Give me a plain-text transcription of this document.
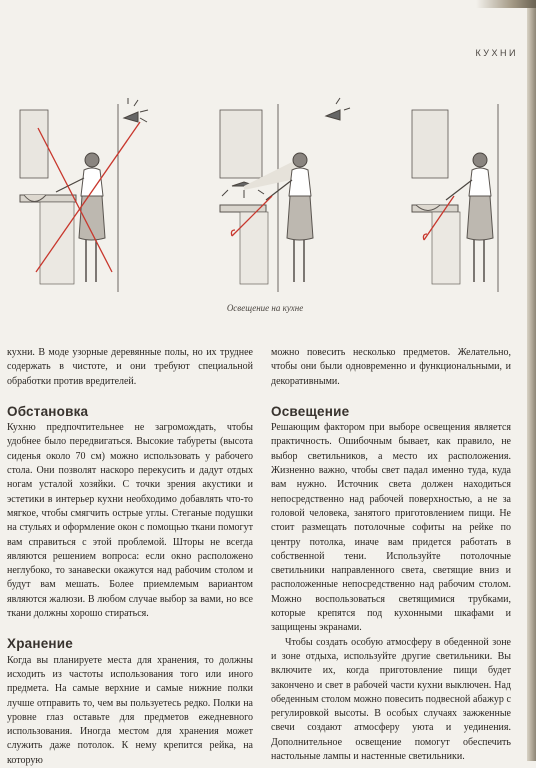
КУХНИ
Освещение на кухне

кухни. В моде узорные деревянные полы, но их труднее содержать в чистоте, и они требуют специальной обработки против вредителей.

Обстановка

Кухню предпочтительнее не загромождать, чтобы удобнее было передвигаться. Высокие табуреты (высота сиденья около 70 см) можно использовать у рабочего стола. Они позволят наскоро перекусить и дадут отдых ногам усталой хозяйки. С точки зрения акустики и эстетики в интерьер кухни необходимо добавлять что-то мягкое, чтобы смягчить острые углы. Стеганые подушки на стульях и оформление окон с помощью ткани помогут вам справиться с этой проблемой. Шторы не всегда являются решением вопроса: если окно расположено неглубоко, то занавески окажутся над рабочим столом и будут вам мешать. Более приемлемым вариантом являются жалюзи. В любом случае выбор за вами, но все ткани должны хорошо стираться.

Хранение

Когда вы планируете места для хранения, то должны исходить из частоты использования того или иного предмета. На самые верхние и самые нижние полки лучше отправить то, чем вы пользуетесь редко. Полки на уровне глаз оставьте для предметов ежедневного использования. Иногда местом для хранения может служить даже потолок. К нему крепится рейка, на которую

можно повесить несколько предметов. Желательно, чтобы они были одновременно и функциональными, и декоративными.

Освещение

Решающим фактором при выборе освещения является практичность. Ошибочным бывает, как правило, не выбор светильников, а место их расположения. Жизненно важно, чтобы свет падал именно туда, куда вам нужно. Источник света должен находиться непосредственно над рабочей поверхностью, а не за головой человека, занятого приготовлением пищи. Не стоит размещать потолочные софиты на рейке по центру потолка, иначе вам придется работать в собственной тени. Используйте потолочные светильники направленного света, светящие вниз и расположенные непосредственно над рабочим столом. Можно воспользоваться светящимися трубками, которые крепятся под кухонными шкафами и защищены экранами.

Чтобы создать особую атмосферу в обеденной зоне и зоне отдыха, используйте другие светильники. Вы включите их, когда приготовление пищи будет закончено и свет в рабочей части кухни выключен. Над обеденным столом можно повесить подвесной абажур с регулировкой высоты. В особых случаях зажженные свечи создают атмосферу уюта и уединения. Дополнительное освещение помогут обеспечить настольные лампы и настенные светильники.
